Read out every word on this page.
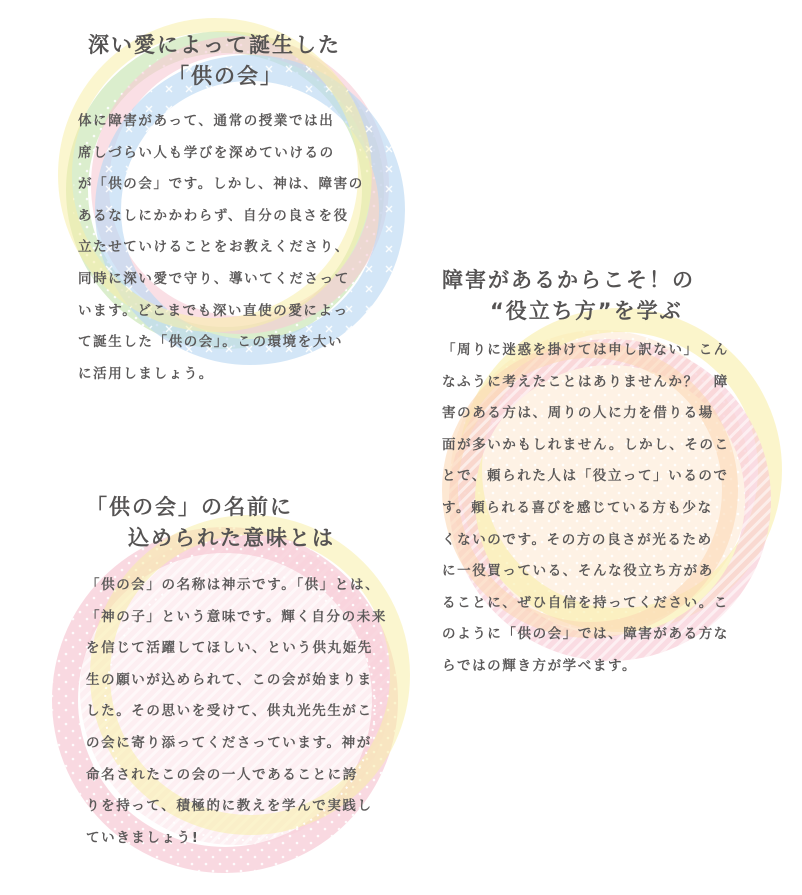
深い愛によって誕生した
「供の会」

体に障害があって、通常の授業では出
席しづらい人も学びを深めていけるの
が「供の会」です。しかし、神は、障害の
あるなしにかかわらず、自分の良さを役
立たせていけることをお教えくださり、
同時に深い愛で守り、導いてくださって
います。どこまでも深い直使の愛によっ
て誕生した「供の会」。この環境を大い
に活用しましょう。

障害があるからこそ！の
“役立ち方”を学ぶ

「周りに迷惑を掛けては申し訳ない」こん
なふうに考えたことはありませんか？　障
害のある方は、周りの人に力を借りる場
面が多いかもしれません。しかし、そのこ
とで、頼られた人は「役立って」いるので
す。頼られる喜びを感じている方も少な
くないのです。その方の良さが光るため
に一役買っている、そんな役立ち方があ
ることに、ぜひ自信を持ってください。こ
のように「供の会」では、障害がある方な
らではの輝き方が学べます。

「供の会」の名前に
込められた意味とは

「供の会」の名称は神示です。「供」とは、
「神の子」という意味です。輝く自分の未来
を信じて活躍してほしい、という供丸姫先
生の願いが込められて、この会が始まりま
した。その思いを受けて、供丸光先生がこ
の会に寄り添ってくださっています。神が
命名されたこの会の一人であることに誇
りを持って、積極的に教えを学んで実践し
ていきましょう!
